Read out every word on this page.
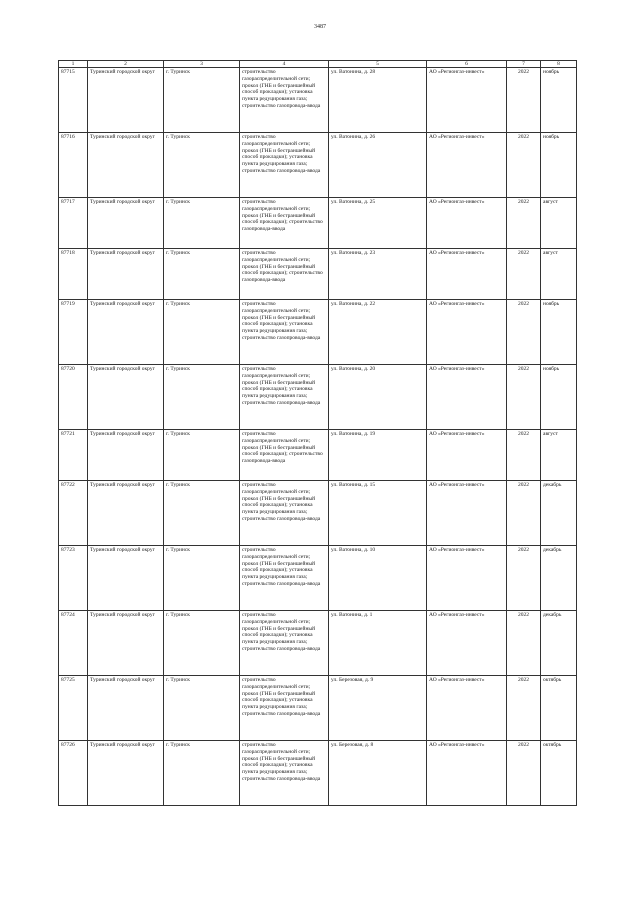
3487
1	2	3	4	5	6	7	8
87715	Туринский городской округ	г. Туринск	строительство газораспределительной сети; прокол (ГНБ и бестраншейный способ прокладки); установка пункта редуцирования газа; строительство газопровода-ввода	ул. Ватонина, д. 28	АО «Регионгаз-инвест»	2022	ноябрь
87716	Туринский городской округ	г. Туринск	строительство газораспределительной сети; прокол (ГНБ и бестраншейный способ прокладки); установка пункта редуцирования газа; строительство газопровода-ввода	ул. Ватонина, д. 26	АО «Регионгаз-инвест»	2022	ноябрь
87717	Туринский городской округ	г. Туринск	строительство газораспределительной сети; прокол (ГНБ и бестраншейный способ прокладки); строительство газопровода-ввода	ул. Ватонина, д. 25	АО «Регионгаз-инвест»	2022	август
87718	Туринский городской округ	г. Туринск	строительство газораспределительной сети; прокол (ГНБ и бестраншейный способ прокладки); строительство газопровода-ввода	ул. Ватонина, д. 23	АО «Регионгаз-инвест»	2022	август
87719	Туринский городской округ	г. Туринск	строительство газораспределительной сети; прокол (ГНБ и бестраншейный способ прокладки); установка пункта редуцирования газа; строительство газопровода-ввода	ул. Ватонина, д. 22	АО «Регионгаз-инвест»	2022	ноябрь
87720	Туринский городской округ	г. Туринск	строительство газораспределительной сети; прокол (ГНБ и бестраншейный способ прокладки); установка пункта редуцирования газа; строительство газопровода-ввода	ул. Ватонина, д. 20	АО «Регионгаз-инвест»	2022	ноябрь
87721	Туринский городской округ	г. Туринск	строительство газораспределительной сети; прокол (ГНБ и бестраншейный способ прокладки); строительство газопровода-ввода	ул. Ватонина, д. 19	АО «Регионгаз-инвест»	2022	август
87722	Туринский городской округ	г. Туринск	строительство газораспределительной сети; прокол (ГНБ и бестраншейный способ прокладки); установка пункта редуцирования газа; строительство газопровода-ввода	ул. Ватонина, д. 15	АО «Регионгаз-инвест»	2022	декабрь
87723	Туринский городской округ	г. Туринск	строительство газораспределительной сети; прокол (ГНБ и бестраншейный способ прокладки); установка пункта редуцирования газа; строительство газопровода-ввода	ул. Ватонина, д. 10	АО «Регионгаз-инвест»	2022	декабрь
87724	Туринский городской округ	г. Туринск	строительство газораспределительной сети; прокол (ГНБ и бестраншейный способ прокладки); установка пункта редуцирования газа; строительство газопровода-ввода	ул. Ватонина, д. 1	АО «Регионгаз-инвест»	2022	декабрь
87725	Туринский городской округ	г. Туринск	строительство газораспределительной сети; прокол (ГНБ и бестраншейный способ прокладки); установка пункта редуцирования газа; строительство газопровода-ввода	ул. Березовая, д. 9	АО «Регионгаз-инвест»	2022	октябрь
87726	Туринский городской округ	г. Туринск	строительство газораспределительной сети; прокол (ГНБ и бестраншейный способ прокладки); установка пункта редуцирования газа; строительство газопровода-ввода	ул. Березовая, д. 8	АО «Регионгаз-инвест»	2022	октябрь
